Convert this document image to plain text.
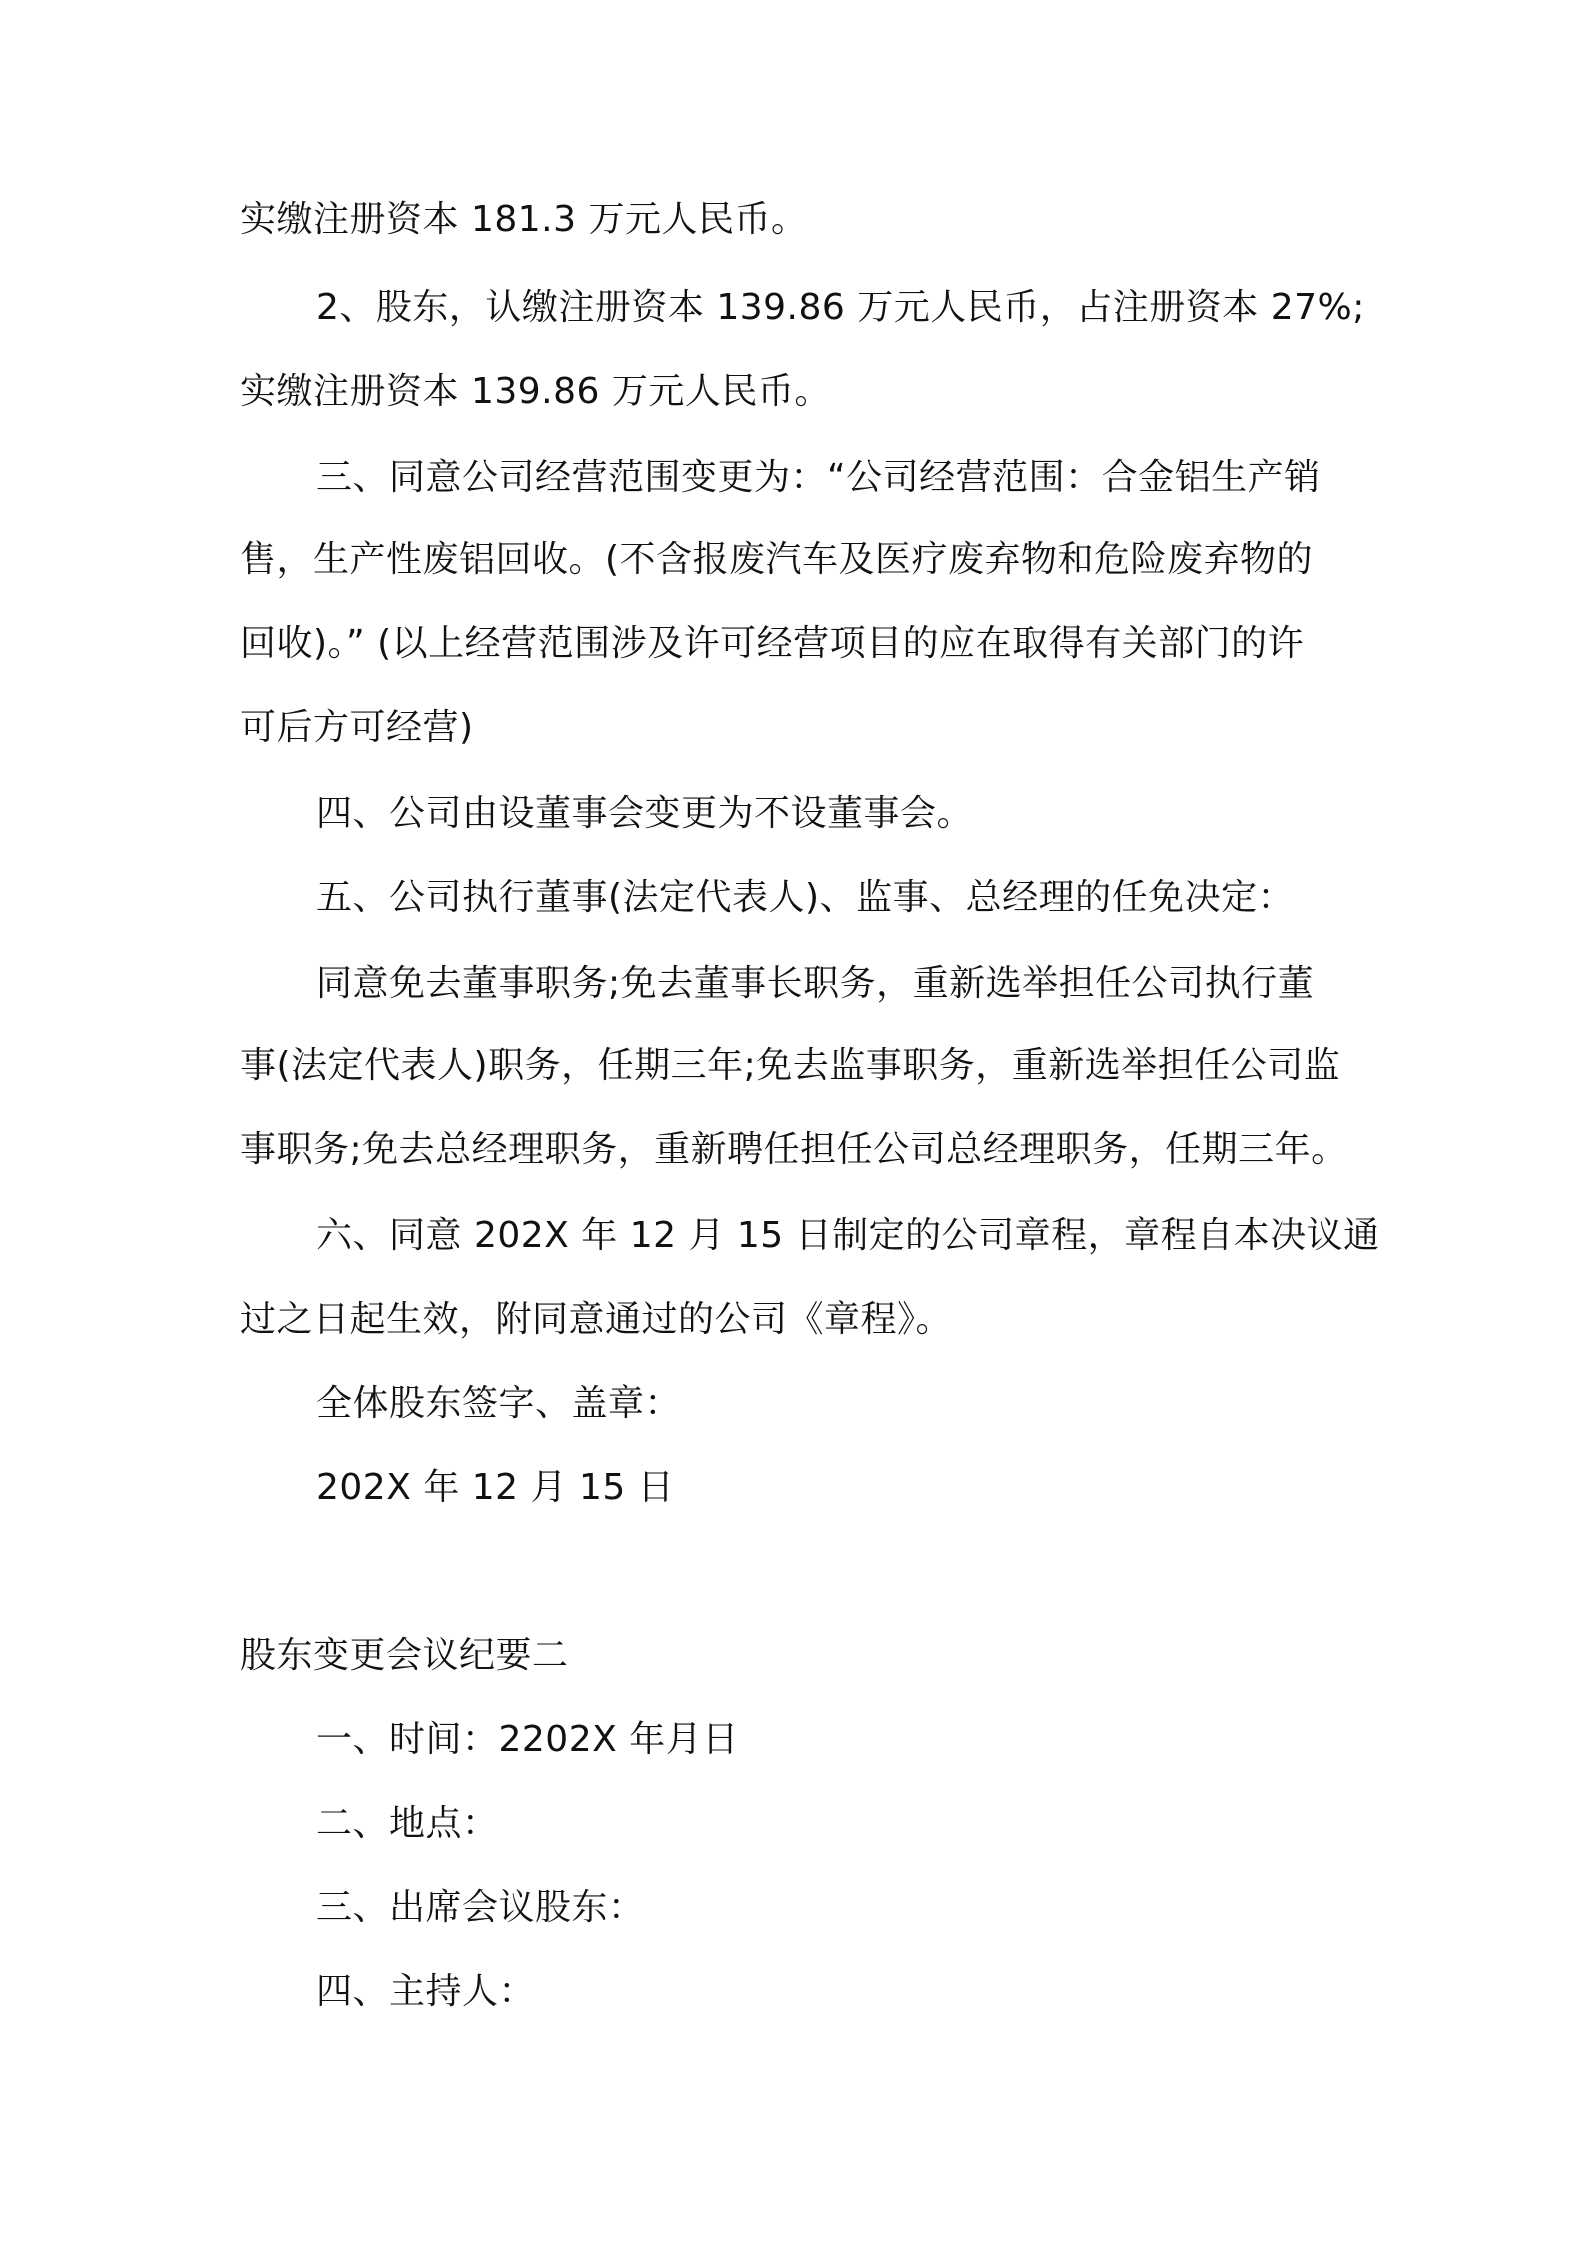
实缴注册资本 181.3 万元人民币。
2、股东，认缴注册资本 139.86 万元人民币，占注册资本 27%;
实缴注册资本 139.86 万元人民币。
三、同意公司经营范围变更为：“公司经营范围：合金铝生产销
售，生产性废铝回收。(不含报废汽车及医疗废弃物和危险废弃物的
回收)。” (以上经营范围涉及许可经营项目的应在取得有关部门的许
可后方可经营)
四、公司由设董事会变更为不设董事会。
五、公司执行董事(法定代表人)、监事、总经理的任免决定：
同意免去董事职务;免去董事长职务，重新选举担任公司执行董
事(法定代表人)职务，任期三年;免去监事职务，重新选举担任公司监
事职务;免去总经理职务，重新聘任担任公司总经理职务，任期三年。
六、同意 202X 年 12 月 15 日制定的公司章程，章程自本决议通
过之日起生效，附同意通过的公司《章程》。
全体股东签字、盖章：
202X 年 12 月 15 日
股东变更会议纪要二
一、时间：2202X 年月日
二、地点：
三、出席会议股东：
四、主持人：
